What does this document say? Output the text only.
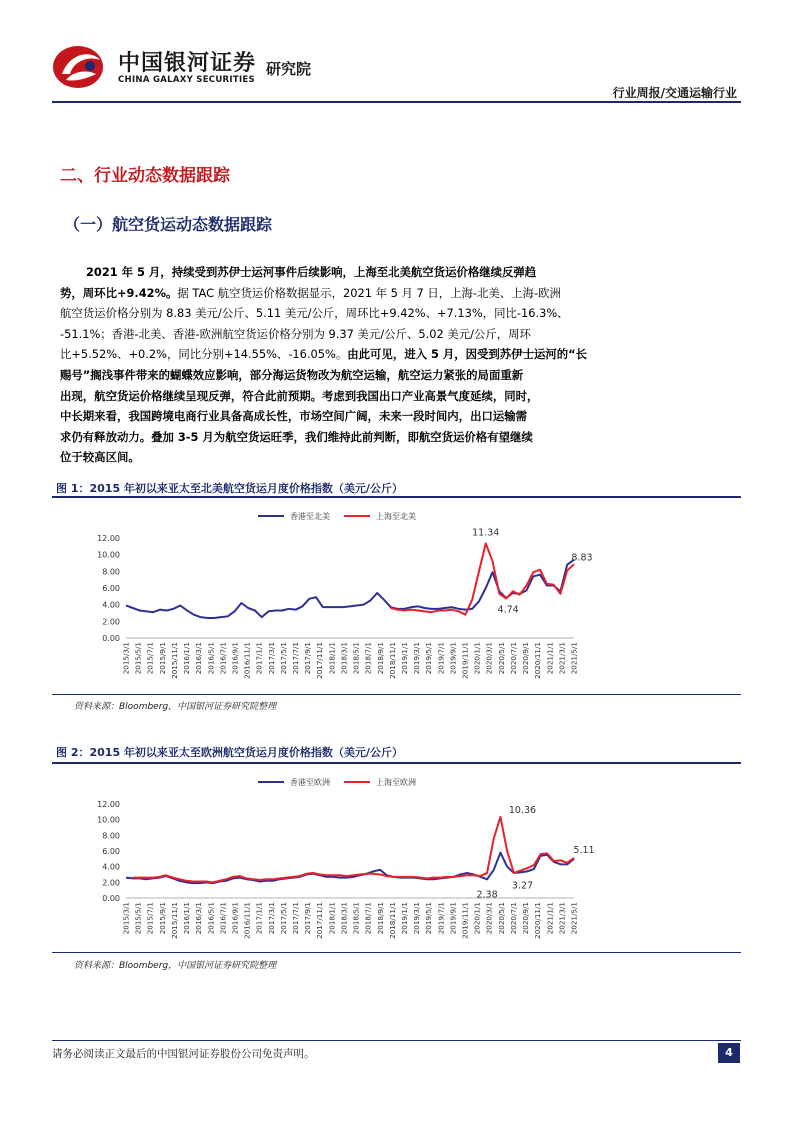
中国银河证券
CHINA GALAXY SECURITIES
研究院
行业周报/交通运输行业
二、行业动态数据跟踪
（一）航空货运动态数据跟踪
2021 年 5 月，持续受到苏伊士运河事件后续影响，上海至北美航空货运价格继续反弹趋
势，周环比+9.42%。据 TAC 航空货运价格数据显示，2021 年 5 月 7 日，上海-北美、上海-欧洲
航空货运价格分别为 8.83 美元/公斤、5.11 美元/公斤，周环比+9.42%、+7.13%，同比-16.3%、
-51.1%；香港-北美、香港-欧洲航空货运价格分别为 9.37 美元/公斤、5.02 美元/公斤，周环
比+5.52%、+0.2%，同比分别+14.55%、-16.05%。由此可见，进入 5 月，因受到苏伊士运河的“长
赐号”搁浅事件带来的蝴蝶效应影响，部分海运货物改为航空运输，航空运力紧张的局面重新
出现，航空货运价格继续呈现反弹，符合此前预期。考虑到我国出口产业高景气度延续，同时，
中长期来看，我国跨境电商行业具备高成长性，市场空间广阔，未来一段时间内，出口运输需
求仍有释放动力。叠加 3-5 月为航空货运旺季，我们维持此前判断，即航空货运价格有望继续
位于较高区间。
图 1：2015 年初以来亚太至北美航空货运月度价格指数（美元/公斤）
香港至北美	上海至北美
0.00
2.00
4.00
6.00
8.00
10.00
12.00
2015/3/1 2015/5/1 2015/7/1 2015/9/1 2015/11/1 2016/1/1 2016/3/1 2016/5/1 2016/7/1 2016/9/1 2016/11/1 2017/1/1 2017/3/1 2017/5/1 2017/7/1 2017/9/1 2017/11/1 2018/1/1 2018/3/1 2018/5/1 2018/7/1 2018/9/1 2018/11/1 2019/1/1 2019/3/1 2019/5/1 2019/7/1 2019/9/1 2019/11/1 2020/1/1 2020/3/1 2020/5/1 2020/7/1 2020/9/1 2020/11/1 2021/1/1 2021/3/1 2021/5/1
11.34
4.74
8.83
资料来源：Bloomberg，中国银河证券研究院整理
图 2：2015 年初以来亚太至欧洲航空货运月度价格指数（美元/公斤）
香港至欧洲	上海至欧洲
0.00
2.00
4.00
6.00
8.00
10.00
12.00
2015/3/1 2015/5/1 2015/7/1 2015/9/1 2015/11/1 2016/1/1 2016/3/1 2016/5/1 2016/7/1 2016/9/1 2016/11/1 2017/1/1 2017/3/1 2017/5/1 2017/7/1 2017/9/1 2017/11/1 2018/1/1 2018/3/1 2018/5/1 2018/7/1 2018/9/1 2018/11/1 2019/1/1 2019/3/1 2019/5/1 2019/7/1 2019/9/1 2019/11/1 2020/1/1 2020/3/1 2020/5/1 2020/7/1 2020/9/1 2020/11/1 2021/1/1 2021/3/1 2021/5/1
10.36
2.38
3.27
5.11
资料来源：Bloomberg，中国银河证券研究院整理
请务必阅读正文最后的中国银河证券股份公司免责声明。	4
